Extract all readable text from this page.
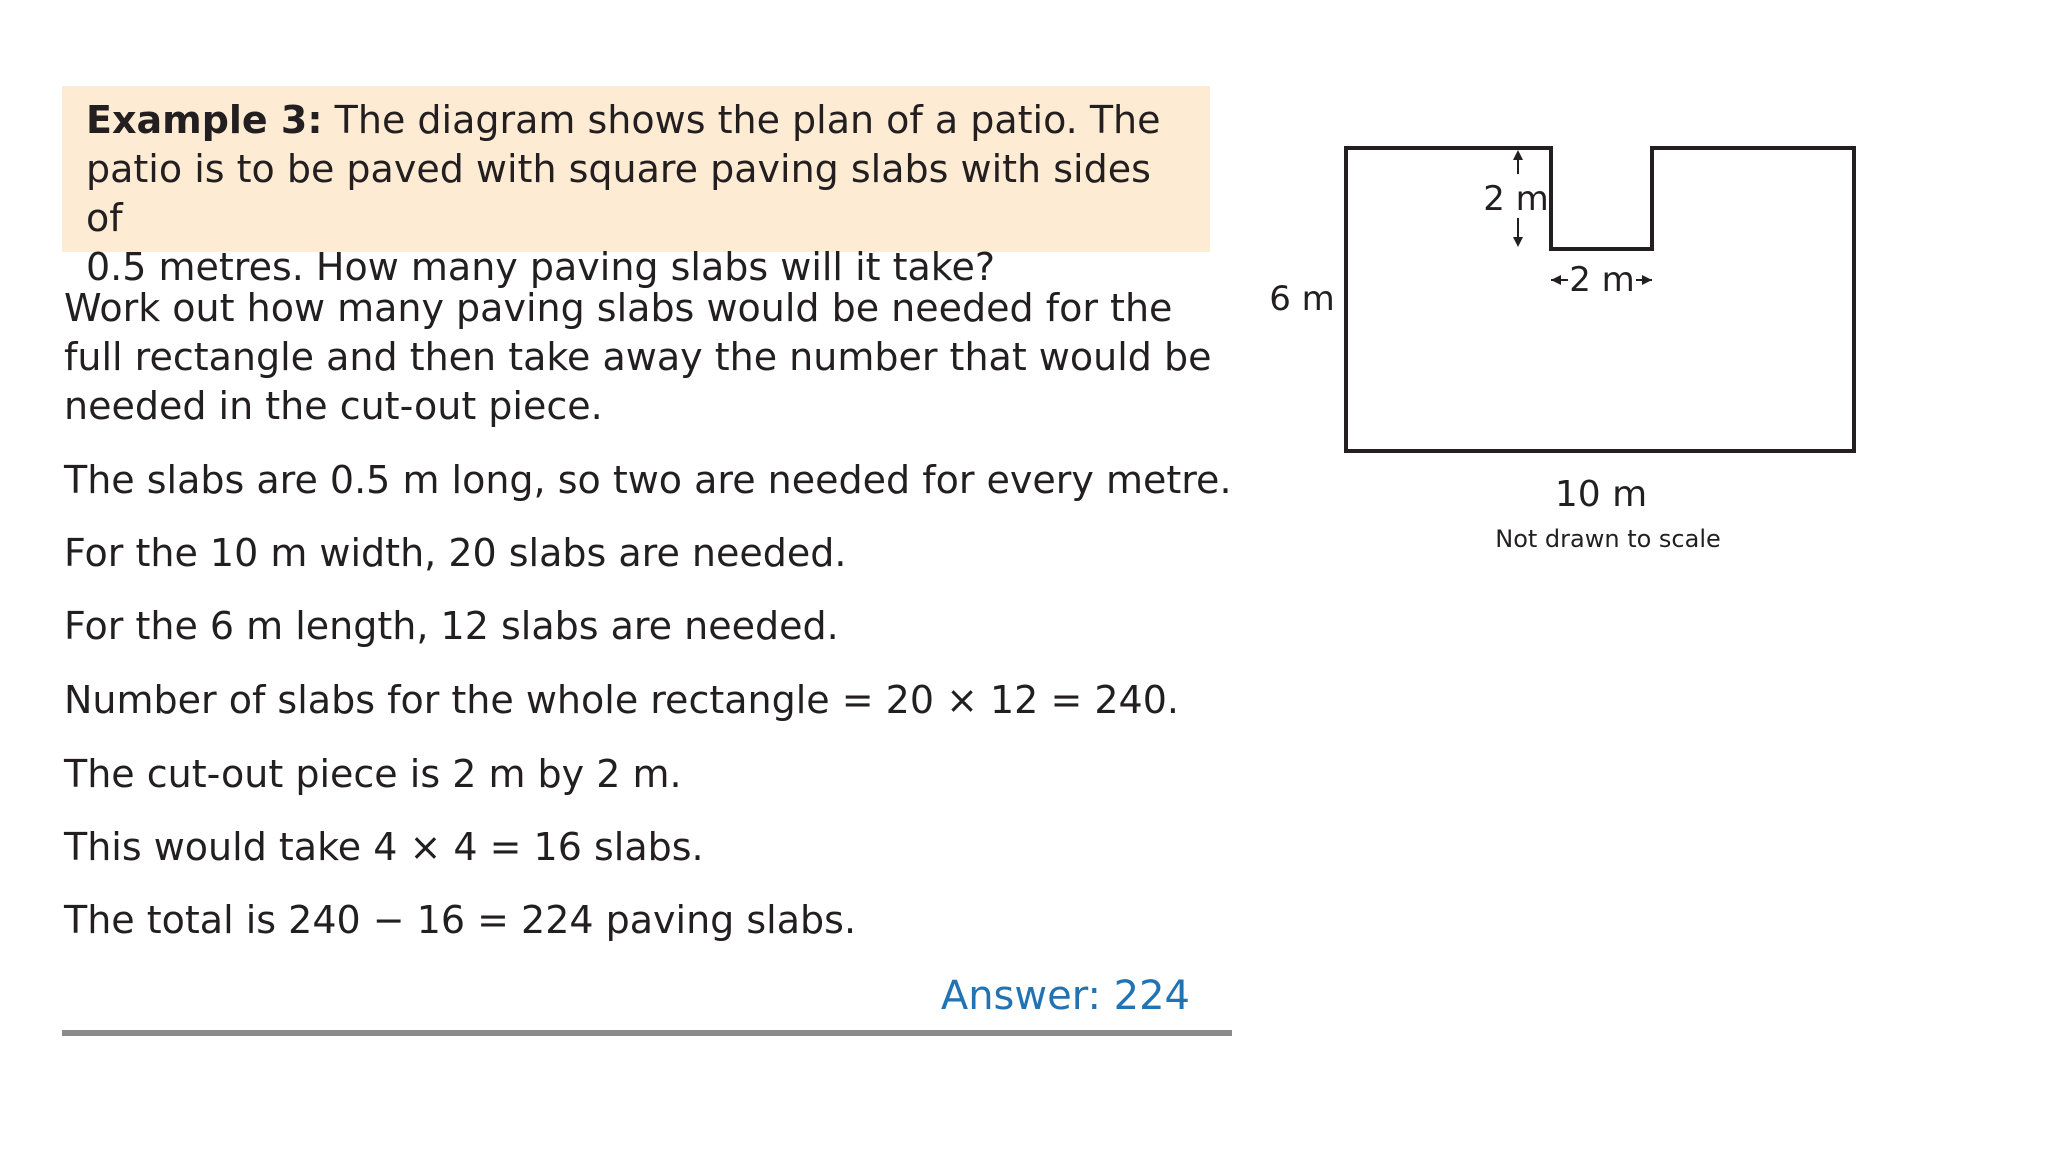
Example 3: The diagram shows the plan of a patio. The
patio is to be paved with square paving slabs with sides of
0.5 metres. How many paving slabs will it take?
Work out how many paving slabs would be needed for the
full rectangle and then take away the number that would be
needed in the cut-out piece.

The slabs are 0.5 m long, so two are needed for every metre.

For the 10 m width, 20 slabs are needed.

For the 6 m length, 12 slabs are needed.

Number of slabs for the whole rectangle = 20 × 12 = 240.

The cut-out piece is 2 m by 2 m.

This would take 4 × 4 = 16 slabs.

The total is 240 − 16 = 224 paving slabs.

Answer: 224
2 m
2 m
6 m
10 m
Not drawn to scale
